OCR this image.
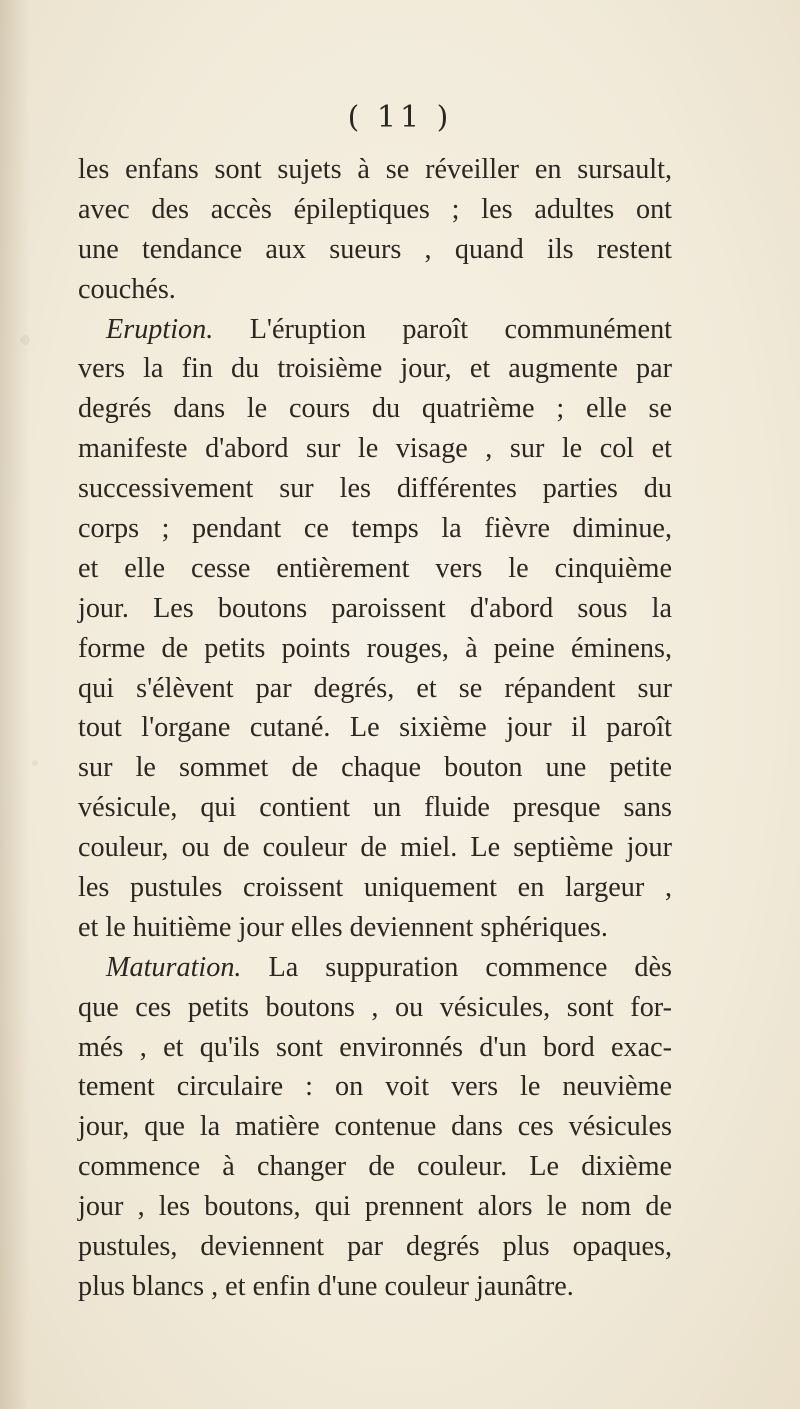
( 11 )
les enfans sont sujets à se réveiller en sursault,
avec des accès épileptiques ; les adultes ont
une tendance aux sueurs , quand ils restent
couchés.
Eruption. L'éruption paroît communément
vers la fin du troisième jour, et augmente par
degrés dans le cours du quatrième ; elle se
manifeste d'abord sur le visage , sur le col et
successivement sur les différentes parties du
corps ; pendant ce temps la fièvre diminue,
et elle cesse entièrement vers le cinquième
jour. Les boutons paroissent d'abord sous la
forme de petits points rouges, à peine éminens,
qui s'élèvent par degrés, et se répandent sur
tout l'organe cutané. Le sixième jour il paroît
sur le sommet de chaque bouton une petite
vésicule, qui contient un fluide presque sans
couleur, ou de couleur de miel. Le septième jour
les pustules croissent uniquement en largeur ,
et le huitième jour elles deviennent sphériques.
Maturation. La suppuration commence dès
que ces petits boutons , ou vésicules, sont for-
més , et qu'ils sont environnés d'un bord exac-
tement circulaire : on voit vers le neuvième
jour, que la matière contenue dans ces vésicules
commence à changer de couleur. Le dixième
jour , les boutons, qui prennent alors le nom de
pustules, deviennent par degrés plus opaques,
plus blancs , et enfin d'une couleur jaunâtre.
